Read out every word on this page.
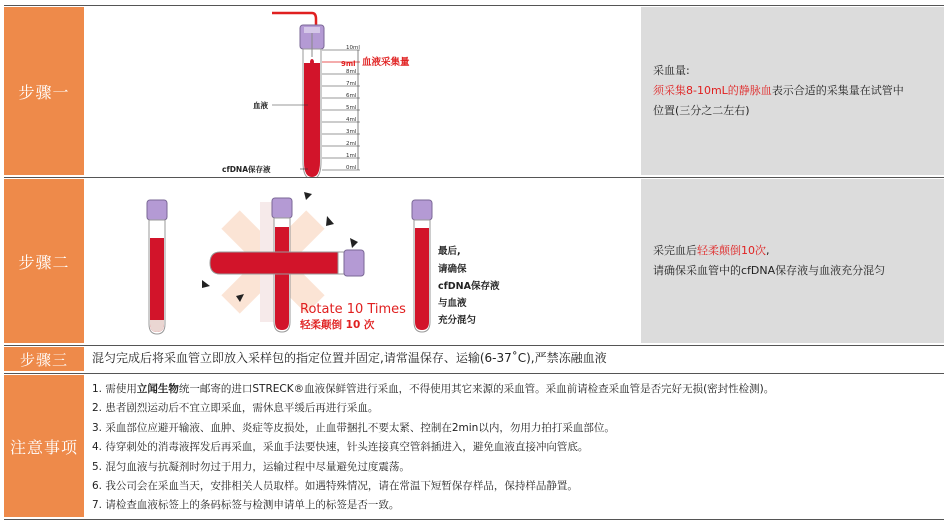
步骤一
10ml
9ml
8ml
7ml
6ml
5ml
4ml
3ml
2ml
1ml
0ml
血液采集量
血液
cfDNA保存液
采血量:
须采集8-10mL的静脉血表示合适的采集量在试管中
位置(三分之二左右)
步骤二
Rotate 10 Times
轻柔颠倒 10 次
最后,
请确保
cfDNA保存液
与血液
充分混匀
采完血后轻柔颠倒10次,
请确保采血管中的cfDNA保存液与血液充分混匀
步骤三	混匀完成后将采血管立即放入采样包的指定位置并固定,请常温保存、运输(6-37˚C),严禁冻融血液
注意事项
1. 需使用立闻生物统一邮寄的进口STRECK®血液保鲜管进行采血，不得使用其它来源的采血管。采血前请检查采血管是否完好无损(密封性检测)。
2. 患者剧烈运动后不宜立即采血，需休息平缓后再进行采血。
3. 采血部位应避开输液、血肿、炎症等皮损处，止血带捆扎不要太紧、控制在2min以内，勿用力拍打采血部位。
4. 待穿刺处的消毒液挥发后再采血，采血手法要快速，针头连接真空管斜插进入，避免血液直接冲向管底。
5. 混匀血液与抗凝剂时勿过于用力，运输过程中尽量避免过度震荡。
6. 我公司会在采血当天，安排相关人员取样。如遇特殊情况，请在常温下短暂保存样品，保持样品静置。
7. 请检查血液标签上的条码标签与检测申请单上的标签是否一致。
